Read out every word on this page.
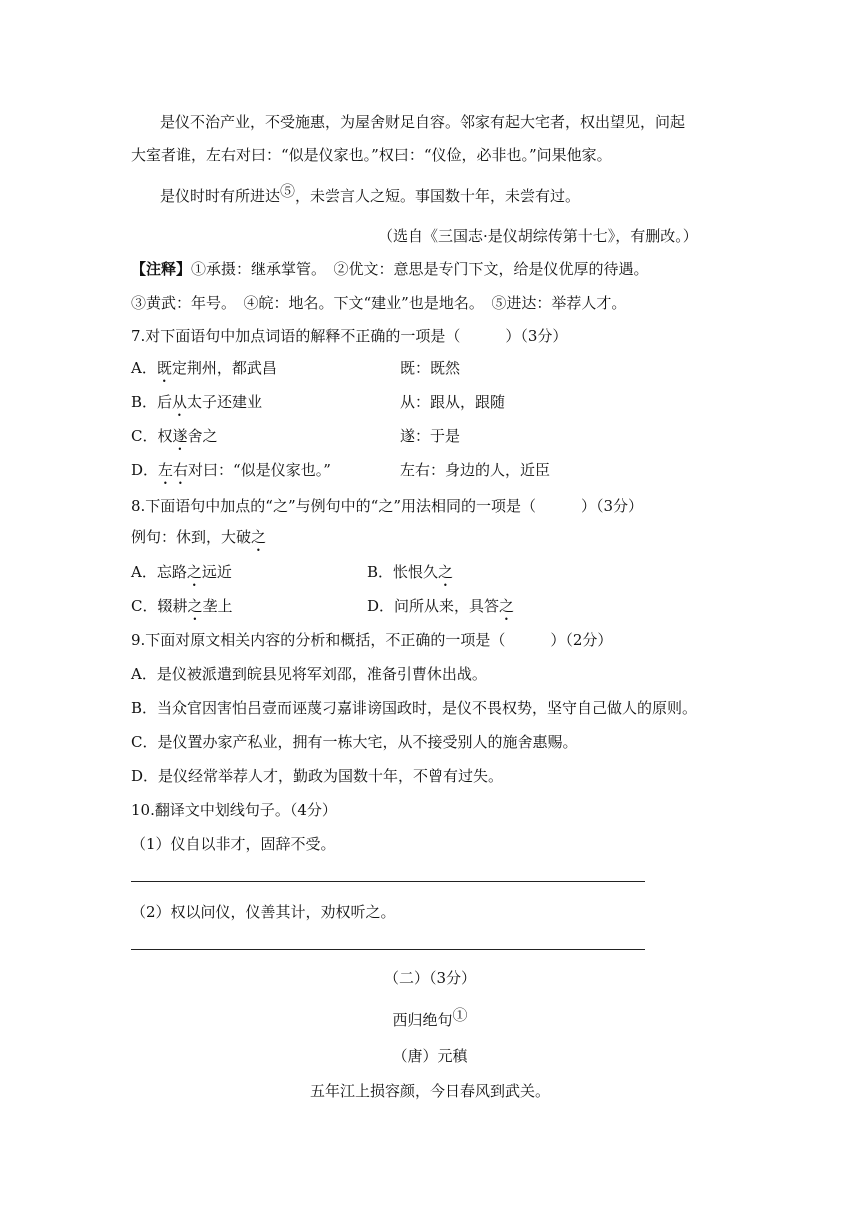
是仪不治产业，不受施惠，为屋舍财足自容。邻家有起大宅者，权出望见，问起
大室者谁，左右对曰：“似是仪家也。”权曰：“仪俭，必非也。”问果他家。
是仪时时有所进达⑤，未尝言人之短。事国数十年，未尝有过。
（选自《三国志·是仪胡综传第十七》，有删改。）
【注释】①承摄：继承掌管。　②优文：意思是专门下文，给是仪优厚的待遇。
③黄武：年号。　④皖：地名。下文“建业”也是地名。　⑤进达：举荐人才。
7.对下面语句中加点词语的解释不正确的一项是（　　　）（3分）
A．既定荆州，都武昌	既：既然
B．后从太子还建业	从：跟从，跟随
C．权遂舍之	遂：于是
D．左右对曰：“似是仪家也。”	左右：身边的人，近臣
8.下面语句中加点的“之”与例句中的“之”用法相同的一项是（　　　）（3分）
例句：休到，大破之
A．忘路之远近	B．怅恨久之
C．辍耕之垄上	D．问所从来，具答之
9.下面对原文相关内容的分析和概括，不正确的一项是（　　　）（2分）
A．是仪被派遣到皖县见将军刘邵，准备引曹休出战。
B．当众官因害怕吕壹而诬蔑刁嘉诽谤国政时，是仪不畏权势，坚守自己做人的原则。
C．是仪置办家产私业，拥有一栋大宅，从不接受别人的施舍惠赐。
D．是仪经常举荐人才，勤政为国数十年，不曾有过失。
10.翻译文中划线句子。（4分）
（1）仪自以非才，固辞不受。
（2）权以问仪，仪善其计，劝权听之。
（二）（3分）
西归绝句①
（唐）元稹
五年江上损容颜，今日春风到武关。
